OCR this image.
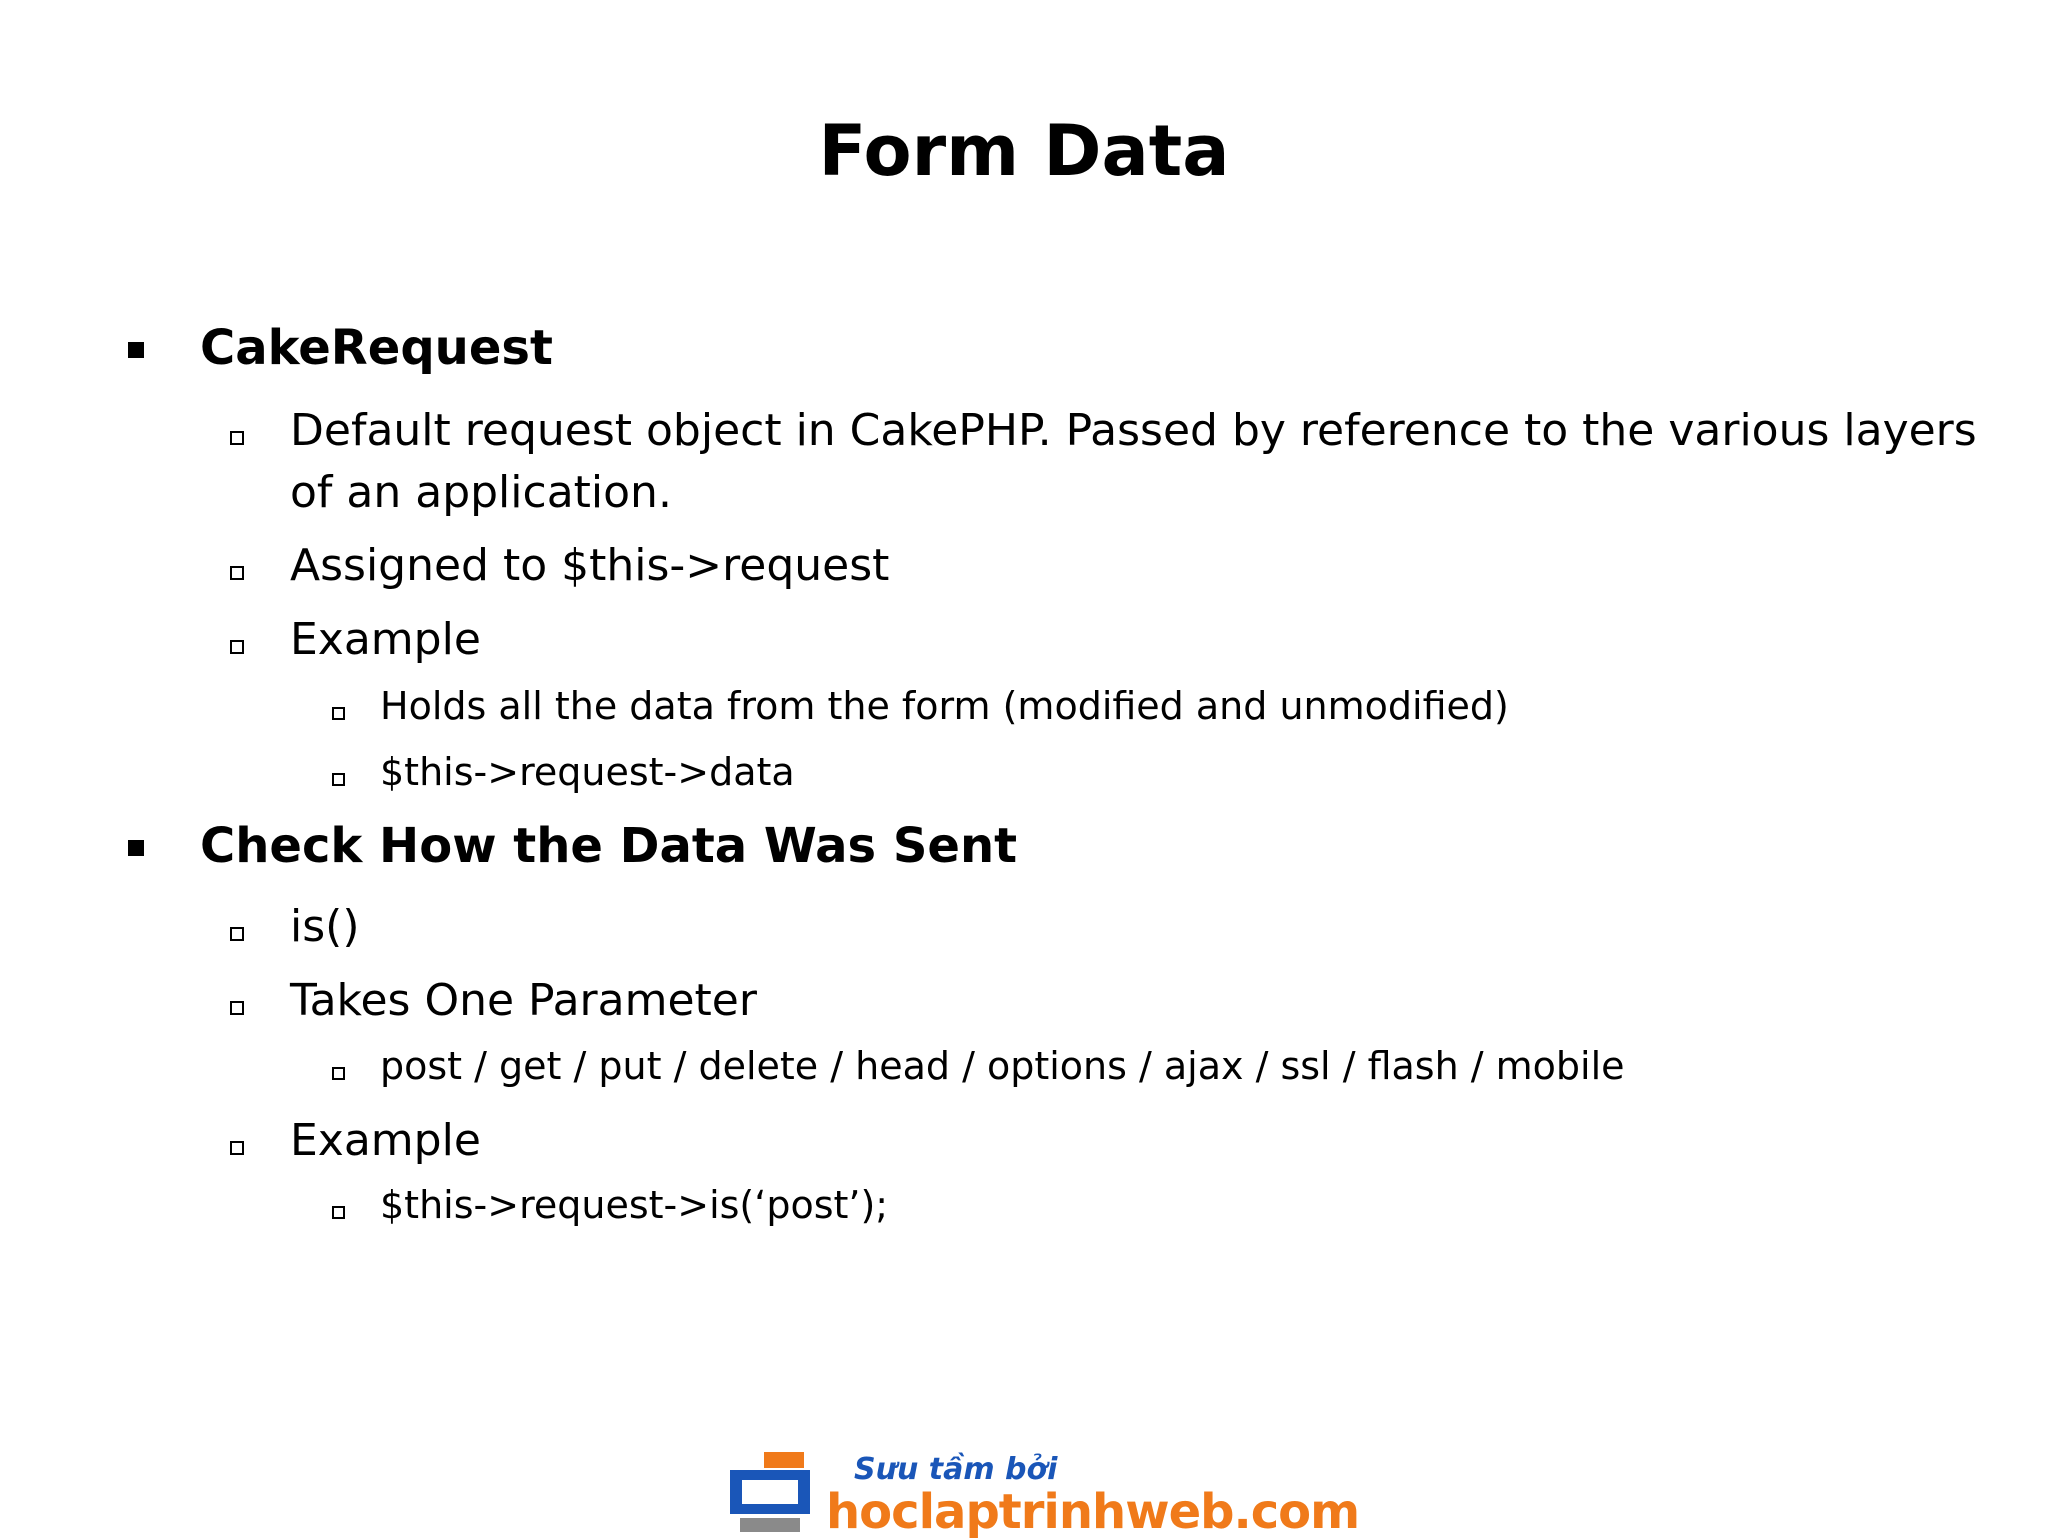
Form Data
CakeRequest
Default request object in CakePHP. Passed by reference to the various layers
of an application.
Assigned to $this->request
Example
Holds all the data from the form (modified and unmodified)
$this->request->data
Check How the Data Was Sent
is()
Takes One Parameter
post / get / put / delete / head / options / ajax / ssl / flash / mobile
Example
$this->request->is(‘post’);
Sưu tầm bởi
hoclaptrinhweb.com
